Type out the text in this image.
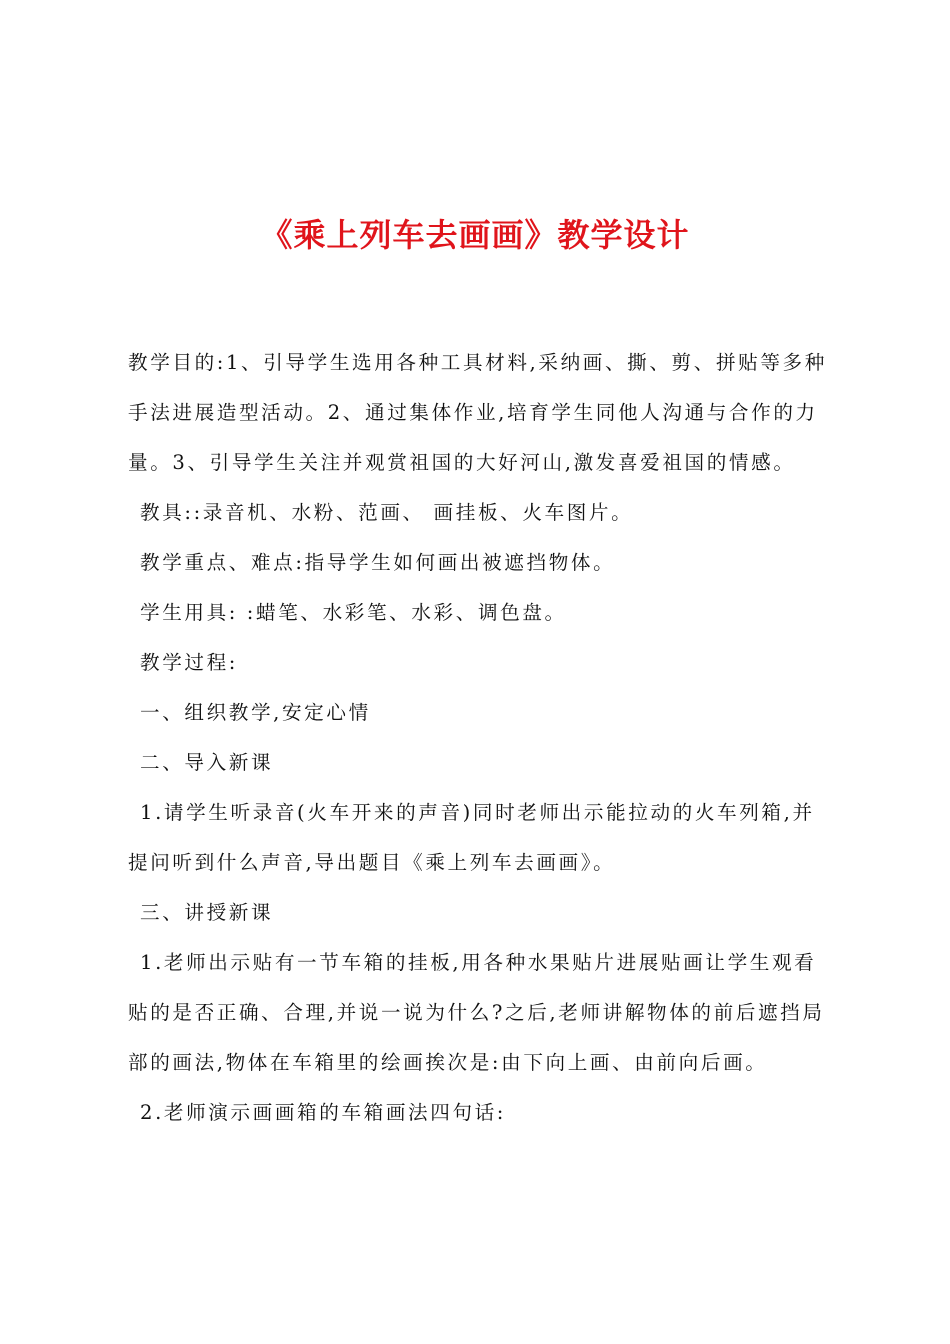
《乘上列车去画画》教学设计

教学目的:1、引导学生选用各种工具材料,采纳画、撕、剪、拼贴等多种手法进展造型活动。2、通过集体作业,培育学生同他人沟通与合作的力量。3、引导学生关注并观赏祖国的大好河山,激发喜爱祖国的情感。

教具::录音机、水粉、范画、 画挂板、火车图片。

教学重点、难点:指导学生如何画出被遮挡物体。

学生用具: :蜡笔、水彩笔、水彩、调色盘。

教学过程:

一、组织教学,安定心情

二、导入新课

1.请学生听录音(火车开来的声音)同时老师出示能拉动的火车列箱,并提问听到什么声音,导出题目《乘上列车去画画》。

三、讲授新课

1.老师出示贴有一节车箱的挂板,用各种水果贴片进展贴画让学生观看贴的是否正确、合理,并说一说为什么?之后,老师讲解物体的前后遮挡局部的画法,物体在车箱里的绘画挨次是:由下向上画、由前向后画。

2.老师演示画画箱的车箱画法四句话:
